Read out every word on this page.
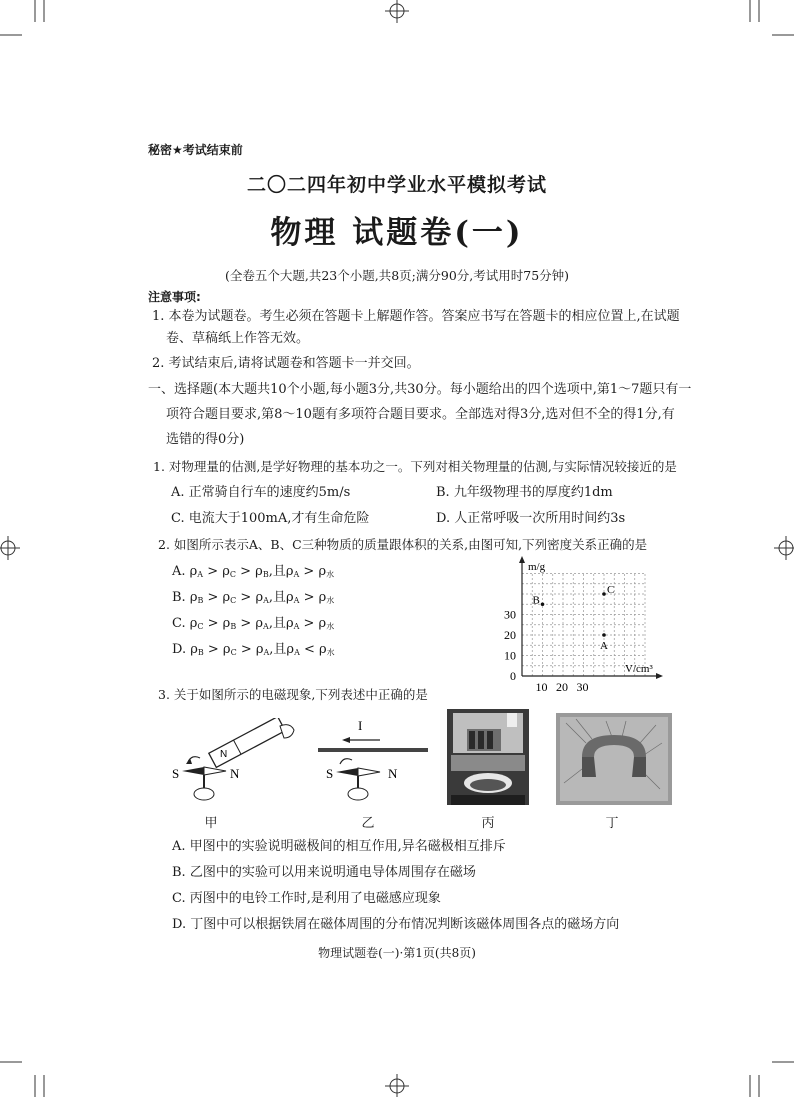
秘密★考试结束前
二〇二四年初中学业水平模拟考试
物理 试题卷(一)
(全卷五个大题,共23个小题,共8页;满分90分,考试用时75分钟)
注意事项:
1. 本卷为试题卷。考生必须在答题卡上解题作答。答案应书写在答题卡的相应位置上,在试题
卷、草稿纸上作答无效。
2. 考试结束后,请将试题卷和答题卡一并交回。
一、选择题(本大题共10个小题,每小题3分,共30分。每小题给出的四个选项中,第1～7题只有一
项符合题目要求,第8～10题有多项符合题目要求。全部选对得3分,选对但不全的得1分,有
选错的得0分)
1. 对物理量的估测,是学好物理的基本功之一。下列对相关物理量的估测,与实际情况较接近的是
A. 正常骑自行车的速度约5m/s	B. 九年级物理书的厚度约1dm
C. 电流大于100mA,才有生命危险	D. 人正常呼吸一次所用时间约3s
2. 如图所示表示A、B、C三种物质的质量跟体积的关系,由图可知,下列密度关系正确的是
A. $\rho_A > \rho_C > \rho_B$,且$\rho_A > \rho_水$
B. $\rho_B > \rho_C > \rho_A$,且$\rho_A > \rho_水$
C. $\rho_C > \rho_B > \rho_A$,且$\rho_A > \rho_水$
D. $\rho_B > \rho_C > \rho_A$,且$\rho_A < \rho_水$
m/g
V/cm³
0
10 20 30
10
20
30
B
C
A
3. 关于如图所示的电磁现象,下列表述中正确的是
N
S	N
甲
I
S	N
乙	丙	丁
A. 甲图中的实验说明磁极间的相互作用,异名磁极相互排斥
B. 乙图中的实验可以用来说明通电导体周围存在磁场
C. 丙图中的电铃工作时,是利用了电磁感应现象
D. 丁图中可以根据铁屑在磁体周围的分布情况判断该磁体周围各点的磁场方向
物理试题卷(一)·第1页(共8页)
